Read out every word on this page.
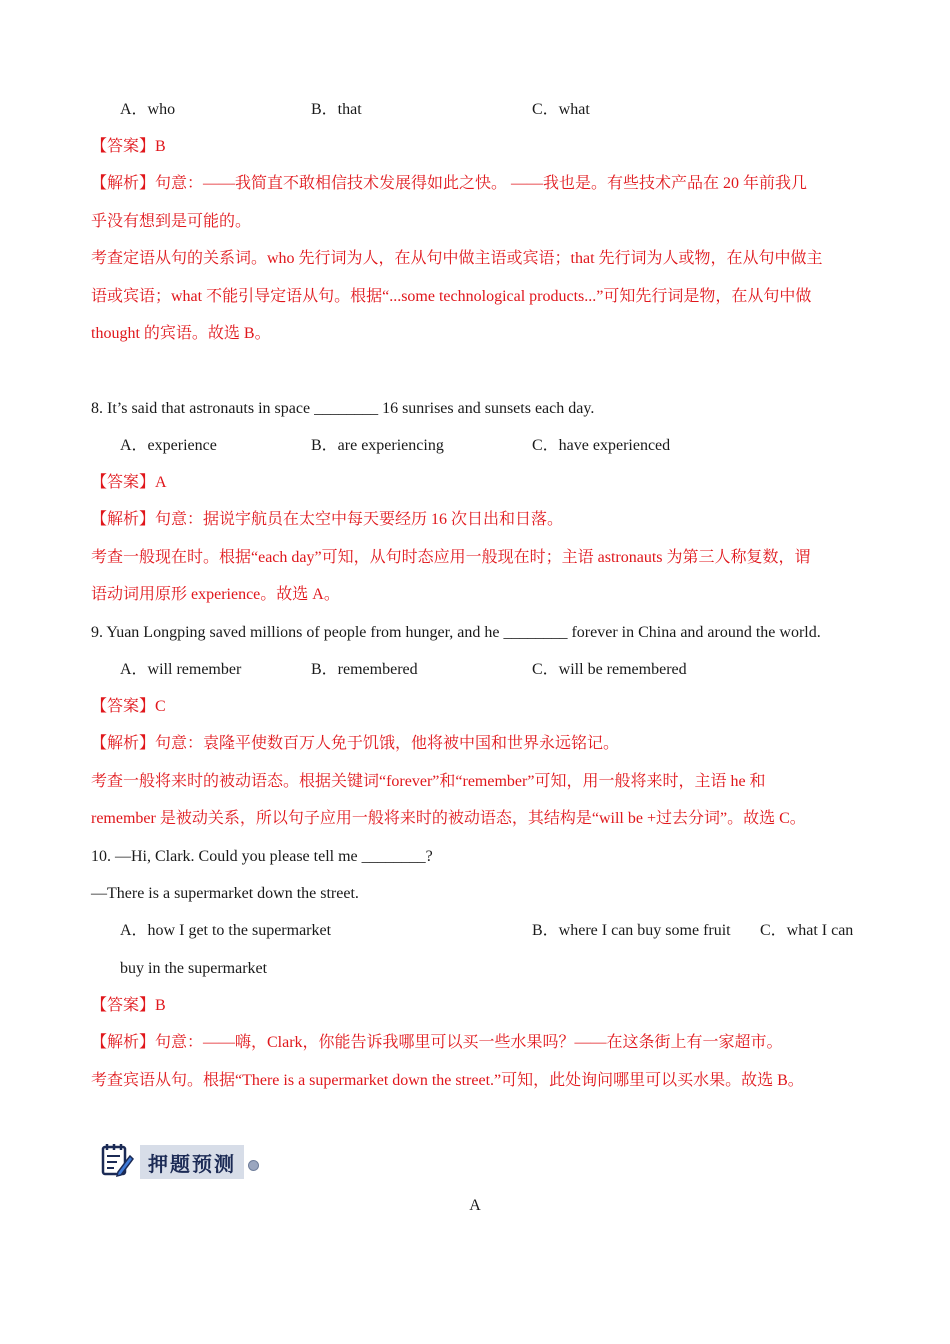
A．who	B．that	C．what
【答案】B
【解析】句意：——我简直不敢相信技术发展得如此之快。 ——我也是。有些技术产品在 20 年前我几
乎没有想到是可能的。
考查定语从句的关系词。who 先行词为人，在从句中做主语或宾语；that 先行词为人或物，在从句中做主
语或宾语；what 不能引导定语从句。根据“...some technological products...”可知先行词是物，在从句中做
thought 的宾语。故选 B。
8. It’s said that astronauts in space ________ 16 sunrises and sunsets each day.
A．experience	B．are experiencing	C．have experienced
【答案】A
【解析】句意：据说宇航员在太空中每天要经历 16 次日出和日落。
考查一般现在时。根据“each day”可知，从句时态应用一般现在时；主语 astronauts 为第三人称复数，谓
语动词用原形 experience。故选 A。
9. Yuan Longping saved millions of people from hunger, and he ________ forever in China and around the world.
A．will remember	B．remembered	C．will be remembered
【答案】C
【解析】句意：袁隆平使数百万人免于饥饿，他将被中国和世界永远铭记。
考查一般将来时的被动语态。根据关键词“forever”和“remember”可知，用一般将来时，主语 he 和
remember 是被动关系，所以句子应用一般将来时的被动语态，其结构是“will be +过去分词”。故选 C。
10. —Hi, Clark. Could you please tell me ________?
—There is a supermarket down the street.
A．how I get to the supermarket	B．where I can buy some fruit C．what I can
buy in the supermarket
【答案】B
【解析】句意：——嗨，Clark，你能告诉我哪里可以买一些水果吗？——在这条街上有一家超市。
考查宾语从句。根据“There is a supermarket down the street.”可知，此处询问哪里可以买水果。故选 B。
押题预测
A
